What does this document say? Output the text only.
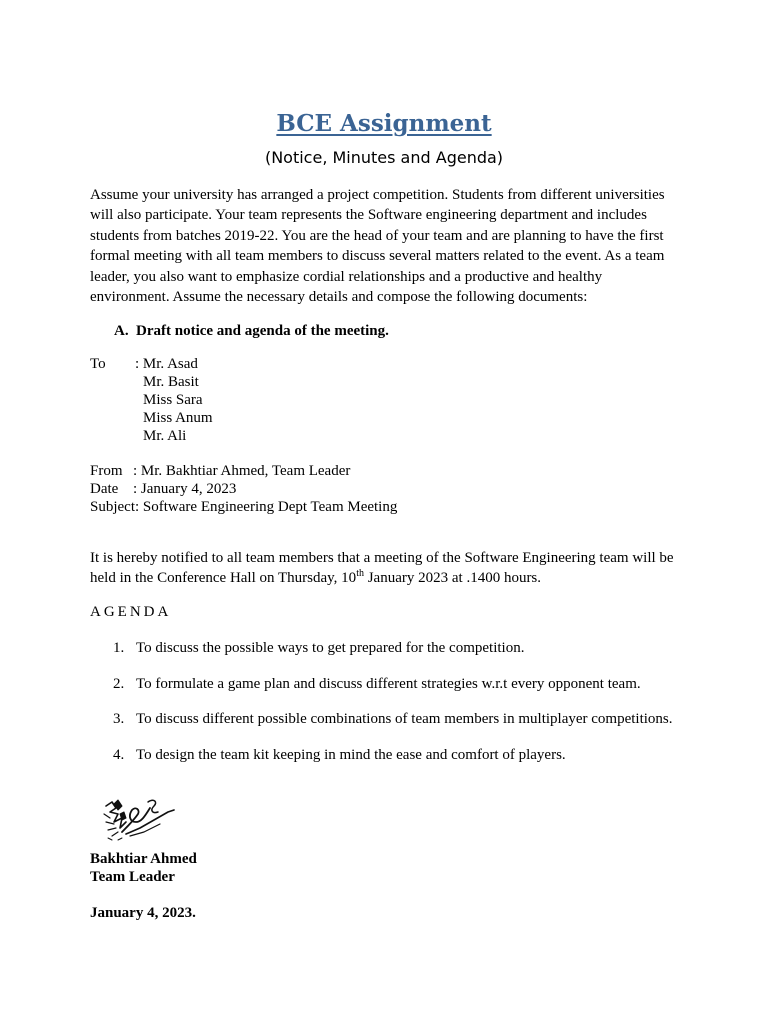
BCE Assignment
(Notice, Minutes and Agenda)

Assume your university has arranged a project competition. Students from different universities will also participate. Your team represents the Software engineering department and includes students from batches 2019-22. You are the head of your team and are planning to have the first formal meeting with all team members to discuss several matters related to the event. As a team leader, you also want to emphasize cordial relationships and a productive and healthy environment. Assume the necessary details and compose the following documents:

A. Draft notice and agenda of the meeting.
To : Mr. Asad
Mr. Basit
Miss Sara
Miss Anum
Mr. Ali
From : Mr. Bakhtiar Ahmed, Team Leader
Date : January 4, 2023
Subject: Software Engineering Dept Team Meeting

It is hereby notified to all team members that a meeting of the Software Engineering team will be held in the Conference Hall on Thursday, 10th January 2023 at .1400 hours.

AGENDA
1. To discuss the possible ways to get prepared for the competition.
2. To formulate a game plan and discuss different strategies w.r.t every opponent team.
3. To discuss different possible combinations of team members in multiplayer competitions.
4. To design the team kit keeping in mind the ease and comfort of players.
Bakhtiar Ahmed
Team Leader
January 4, 2023.
